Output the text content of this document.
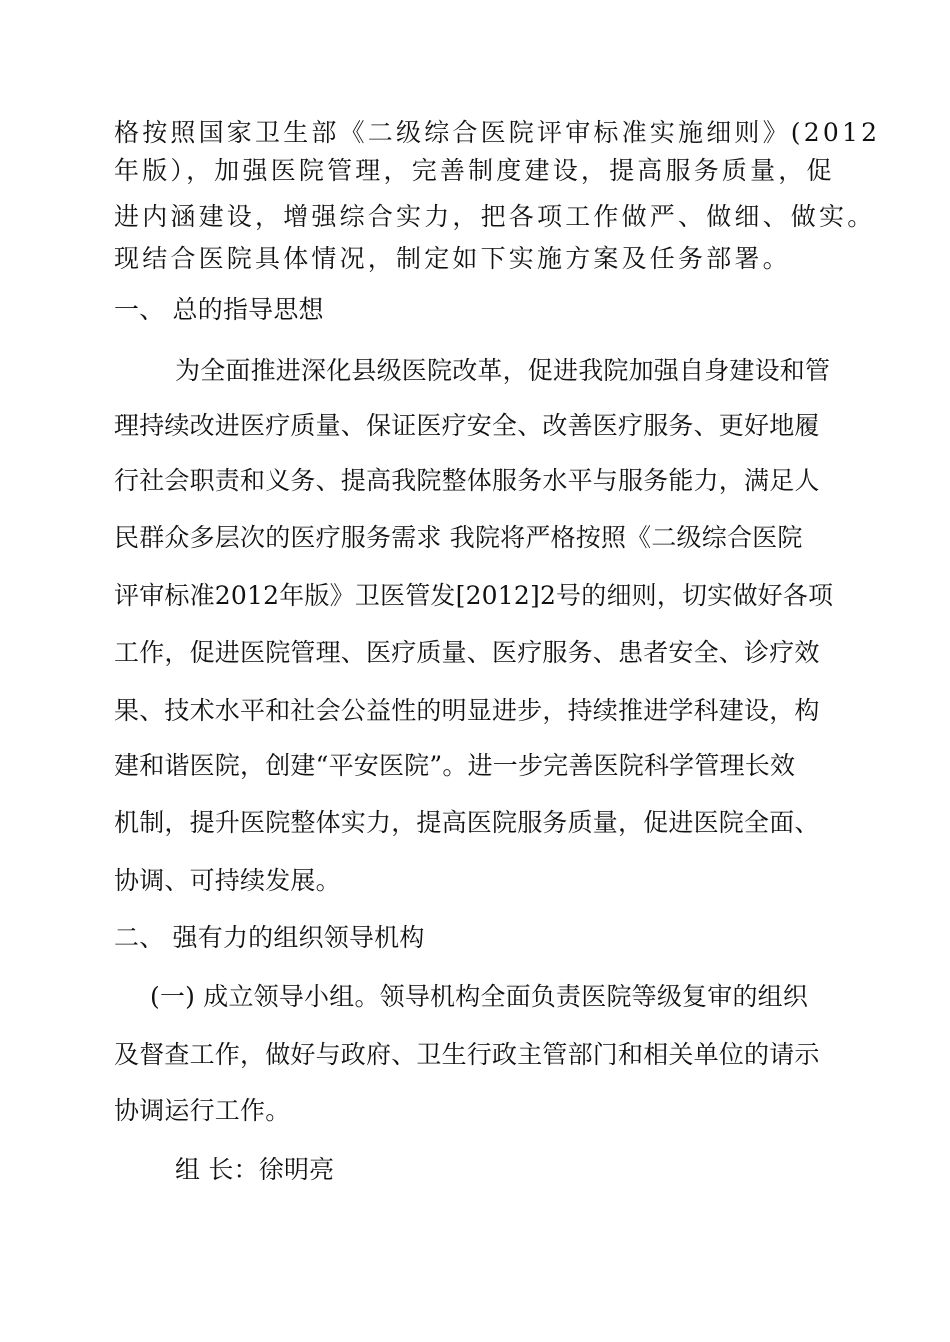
格按照国家卫生部《二级综合医院评审标准实施细则》(2012
年版），加强医院管理，完善制度建设，提高服务质量，促
进内涵建设，增强综合实力，把各项工作做严、做细、做实。
现结合医院具体情况，制定如下实施方案及任务部署。
一、 总的指导思想
为全面推进深化县级医院改革，促进我院加强自身建设和管
理持续改进医疗质量、保证医疗安全、改善医疗服务、更好地履
行社会职责和义务、提高我院整体服务水平与服务能力，满足人
民群众多层次的医疗服务需求 我院将严格按照《二级综合医院
评审标准2012年版》卫医管发[2012]2号的细则，切实做好各项
工作，促进医院管理、医疗质量、医疗服务、患者安全、诊疗效
果、技术水平和社会公益性的明显进步，持续推进学科建设，构
建和谐医院，创建“平安医院”。进一步完善医院科学管理长效
机制，提升医院整体实力，提高医院服务质量，促进医院全面、
协调、可持续发展。
二、 强有力的组织领导机构
(一) 成立领导小组。领导机构全面负责医院等级复审的组织
及督查工作，做好与政府、卫生行政主管部门和相关单位的请示
协调运行工作。
组 长：徐明亮
